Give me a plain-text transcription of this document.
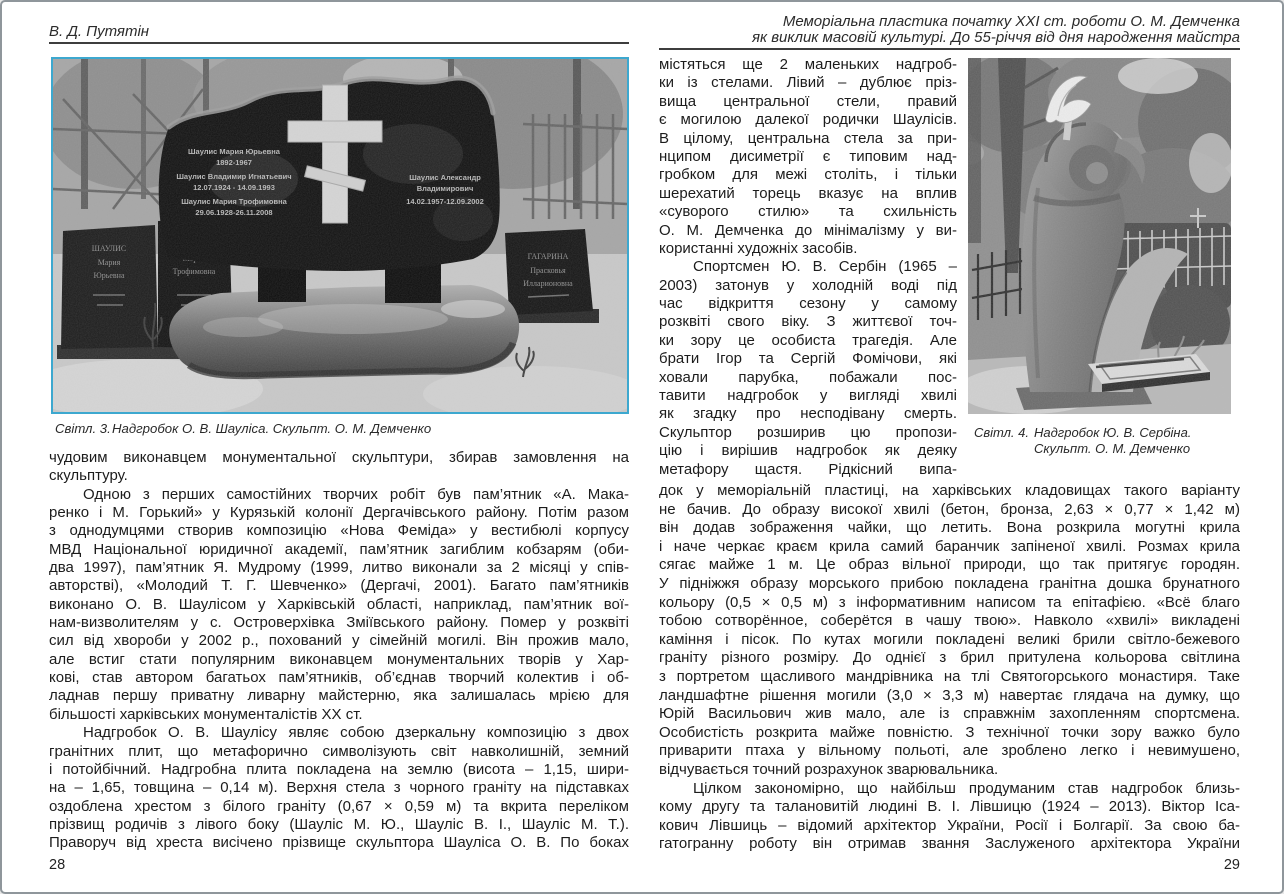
В. Д. Путятін
ШАУЛИС
Мария
Юрьевна	Трофимовна
ГАГАРИНА
Прасковья
Илларионовна
Шаулис Мария Юрьевна
1892-1967
Шаулис Владимир Игнатьевич
12.07.1924 - 14.09.1993
Шаулис Мария Трофимовна
29.06.1928-26.11.2008
Шаулис Александр
Владимирович
14.02.1957-12.09.2002
Світл. 3.Надгробок О. В. Шауліса. Скульпт. О. М. Демченко
чудовим виконавцем монументальної скульптури, збирав замовлення на
скульптуру.
Одною з перших самостійних творчих робіт був пам’ятник «А. Мака-
ренко і М. Горький» у Курязькій колонії Дергачівського району. Потім разом
з однодумцями створив композицію «Нова Феміда» у вестибюлі корпусу
МВД Національної юридичної академії, пам’ятник загиблим кобзарям (оби-
два 1997), пам’ятник Я. Мудрому (1999, литво виконали за 2 місяці у спів-
авторстві), «Молодий Т. Г. Шевченко» (Дергачі, 2001). Багато пам’ятників
виконано О. В. Шаулісом у Харківській області, наприклад, пам’ятник вої-
нам-визволителям у с. Островерхівка Зміївського району. Помер у розквіті
сил від хвороби у 2002 р., похований у сімейній могилі. Він прожив мало,
але встиг стати популярним виконавцем монументальних творів у Хар-
кові, став автором багатьох пам’ятників, об’єднав творчий колектив і об-
ладнав першу приватну ливарну майстерню, яка залишалась мрією для
більшості харківських монументалістів XX ст.
Надгробок О. В. Шаулісу являє собою дзеркальну композицію з двох
гранітних плит, що метафорично символізують світ навколишній, земний
і потойбічний. Надгробна плита покладена на землю (висота – 1,15, шири-
на – 1,65, товщина – 0,14 м). Верхня стела з чорного граніту на підставках
оздоблена хрестом з білого граніту (0,67 × 0,59 м) та вкрита переліком
прізвищ родичів з лівого боку (Шауліс М. Ю., Шауліс В. І., Шауліс М. Т.).
Праворуч від хреста висічено прізвище скульптора Шауліса О. В. По боках
28
Меморіальна пластика початку XXI ст. роботи О. М. Демченка
як виклик масовій культурі. До 55-річчя від дня народження майстра
містяться ще 2 маленьких надгроб-
ки із стелами. Лівий – дублює пріз-
вища центральної стели, правий
є могилою далекої родички Шаулісів.
В цілому, центральна стела за при-
нципом дисиметрії є типовим над-
гробком для межі століть, і тільки
шерехатий торець вказує на вплив
«суворого стилю» та схильність
О. М. Демченка до мінімалізму у ви-
користанні художніх засобів.
Спортсмен Ю. В. Сербін (1965 –
2003) затонув у холодній воді під
час відкриття сезону у самому
розквіті свого віку. З життєвої точ-
ки зору це особиста трагедія. Але
брати Ігор та Сергій Фомічови, які
ховали парубка, побажали пос-
тавити надгробок у вигляді хвилі
як згадку про несподівану смерть.
Скульптор розширив цю пропози-
цію і вирішив надгробок як деяку
метафору щастя. Рідкісний випа-
Світл. 4. Надгробок Ю. В. Сербіна.
Скульпт. О. М. Демченко
док у меморіальній пластиці, на харківських кладовищах такого варіанту
не бачив. До образу високої хвилі (бетон, бронза, 2,63 × 0,77 × 1,42 м)
він додав зображення чайки, що летить. Вона розкрила могутні крила
і наче черкає краєм крила самий баранчик запіненої хвилі. Розмах крила
сягає майже 1 м. Це образ вільної природи, що так притягує городян.
У підніжжя образу морського прибою покладена гранітна дошка брунатного
кольору (0,5 × 0,5 м) з інформативним написом та епітафією. «Всё благо
тобою сотворённое, соберётся в чашу твою». Навколо «хвилі» викладені
каміння і пісок. По кутах могили покладені великі брили світло-бежевого
граніту різного розміру. До однієї з брил притулена кольорова світлина
з портретом щасливого мандрівника на тлі Святогорського монастиря. Таке
ландшафтне рішення могили (3,0 × 3,3 м) навертає глядача на думку, що
Юрій Васильович жив мало, але із справжнім захопленням спортсмена.
Особистість розкрита майже повністю. З технічної точки зору важко було
приварити птаха у вільному польоті, але зроблено легко і невимушено,
відчувається точний розрахунок зварювальника.
Цілком закономірно, що найбільш продуманим став надгробок близь-
кому другу та талановитій людині В. І. Лівшицю (1924 – 2013). Віктор Іса-
кович Лівшиць – відомий архітектор України, Росії і Болгарії. За свою ба-
гатогранну роботу він отримав звання Заслуженого архітектора України
29
